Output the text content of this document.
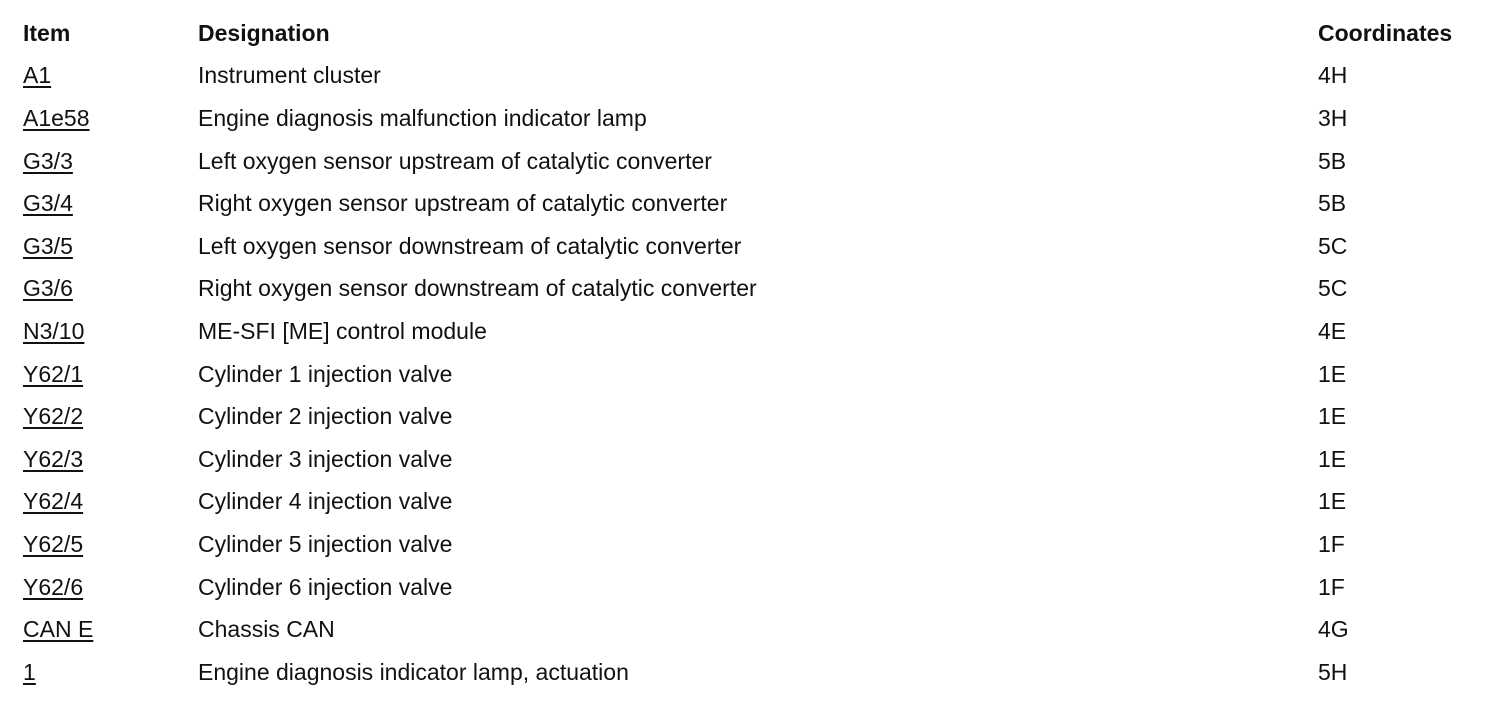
Item	Designation	Coordinates
A1	Instrument cluster	4H
A1e58	Engine diagnosis malfunction indicator lamp	3H
G3/3	Left oxygen sensor upstream of catalytic converter	5B
G3/4	Right oxygen sensor upstream of catalytic converter	5B
G3/5	Left oxygen sensor downstream of catalytic converter	5C
G3/6	Right oxygen sensor downstream of catalytic converter	5C
N3/10	ME-SFI [ME] control module	4E
Y62/1	Cylinder 1 injection valve	1E
Y62/2	Cylinder 2 injection valve	1E
Y62/3	Cylinder 3 injection valve	1E
Y62/4	Cylinder 4 injection valve	1E
Y62/5	Cylinder 5 injection valve	1F
Y62/6	Cylinder 6 injection valve	1F
CAN E	Chassis CAN	4G
1	Engine diagnosis indicator lamp, actuation	5H
